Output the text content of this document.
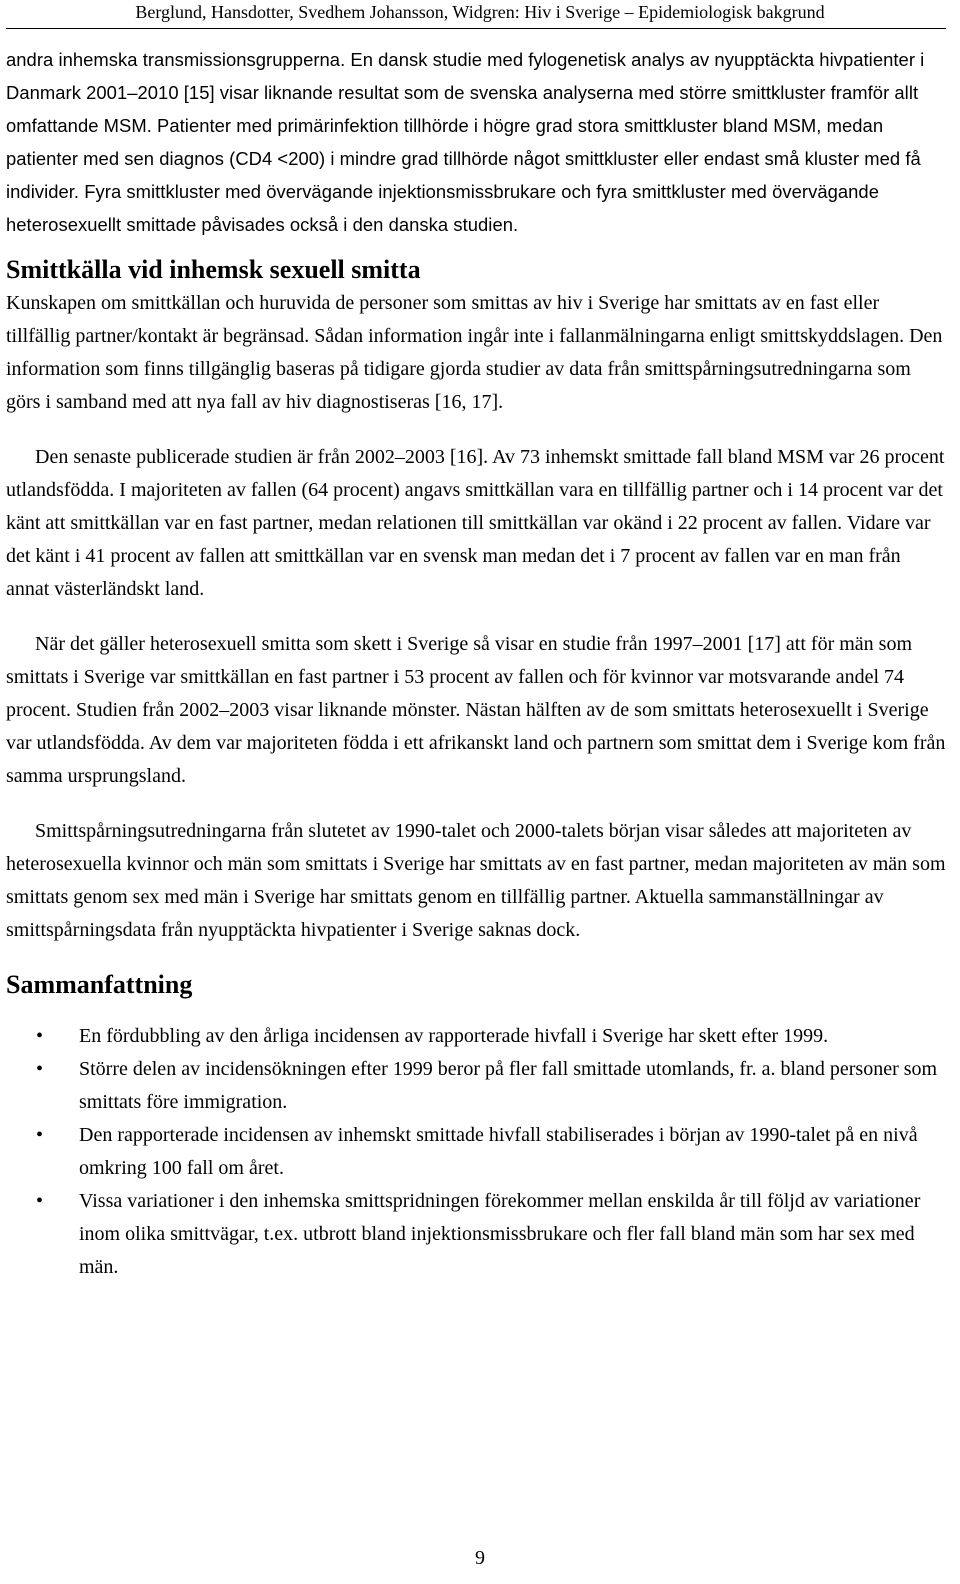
Berglund, Hansdotter, Svedhem Johansson, Widgren: Hiv i Sverige – Epidemiologisk bakgrund

andra inhemska transmissionsgrupperna. En dansk studie med fylogenetisk analys av nyupptäckta hivpatienter i Danmark 2001–2010 [15] visar liknande resultat som de svenska analyserna med större smittkluster framför allt omfattande MSM. Patienter med primärinfektion tillhörde i högre grad stora smittkluster bland MSM, medan patienter med sen diagnos (CD4 <200) i mindre grad tillhörde något smittkluster eller endast små kluster med få individer. Fyra smittkluster med övervägande injektionsmissbrukare och fyra smittkluster med övervägande heterosexuellt smittade påvisades också i den danska studien.

Smittkälla vid inhemsk sexuell smitta

Kunskapen om smittkällan och huruvida de personer som smittas av hiv i Sverige har smittats av en fast eller tillfällig partner/kontakt är begränsad. Sådan information ingår inte i fallanmälningarna enligt smittskyddslagen. Den information som finns tillgänglig baseras på tidigare gjorda studier av data från smittspårningsutredningarna som görs i samband med att nya fall av hiv diagnostiseras [16, 17].

Den senaste publicerade studien är från 2002–2003 [16]. Av 73 inhemskt smittade fall bland MSM var 26 procent utlandsfödda. I majoriteten av fallen (64 procent) angavs smittkällan vara en tillfällig partner och i 14 procent var det känt att smittkällan var en fast partner, medan relationen till smittkällan var okänd i 22 procent av fallen. Vidare var det känt i 41 procent av fallen att smittkällan var en svensk man medan det i 7 procent av fallen var en man från annat västerländskt land.

När det gäller heterosexuell smitta som skett i Sverige så visar en studie från 1997–2001 [17] att för män som smittats i Sverige var smittkällan en fast partner i 53 procent av fallen och för kvinnor var motsvarande andel 74 procent. Studien från 2002–2003 visar liknande mönster. Nästan hälften av de som smittats heterosexuellt i Sverige var utlandsfödda. Av dem var majoriteten födda i ett afrikanskt land och partnern som smittat dem i Sverige kom från samma ursprungsland.

Smittspårningsutredningarna från slutetet av 1990-talet och 2000-talets början visar således att majoriteten av heterosexuella kvinnor och män som smittats i Sverige har smittats av en fast partner, medan majoriteten av män som smittats genom sex med män i Sverige har smittats genom en tillfällig partner. Aktuella sammanställningar av smittspårningsdata från nyupptäckta hivpatienter i Sverige saknas dock.

Sammanfattning
• En fördubbling av den årliga incidensen av rapporterade hivfall i Sverige har skett efter 1999.
• Större delen av incidensökningen efter 1999 beror på fler fall smittade utomlands, fr. a. bland personer som smittats före immigration.
• Den rapporterade incidensen av inhemskt smittade hivfall stabiliserades i början av 1990-talet på en nivå omkring 100 fall om året.
• Vissa variationer i den inhemska smittspridningen förekommer mellan enskilda år till följd av variationer inom olika smittvägar, t.ex. utbrott bland injektionsmissbrukare och fler fall bland män som har sex med män.
9
